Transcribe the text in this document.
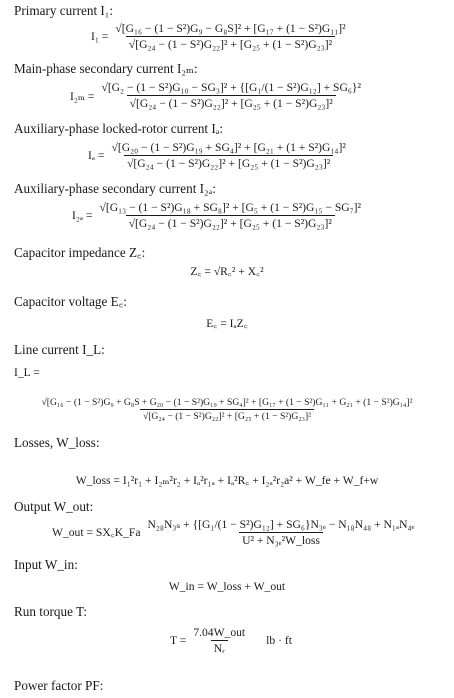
Primary current I₁:
$I_1 = \frac{\text{√[G₁₆ − (1 − S²)G₉ − G₈S]² + [G₁₇ + (1 − S²)G₁₁]²}}{\text{√[G₂₄ − (1 − S²)G₂₂]² + [G₂₅ + (1 − S²)G₂₃]²}}$
Main-phase secondary current I₂ₘ:
$I_{2m} = \frac{\text{√[G₂ − (1 − S²)G₁₀ − SG₃]² + \{[G₁/(1 − S²)G₁₂] + SG₆\}²}}{\text{√[G₂₄ − (1 − S²)G₂₂]² + [G₂₅ + (1 − S²)G₂₃]²}}$
Auxiliary-phase locked-rotor current Iₐ:
$I_a = \frac{\text{√[G₂₀ − (1 − S²)G₁₉ + SG₄]² + [G₂₁ + (1 + S²)G₁₄]²}}{\text{√[G₂₄ − (1 − S²)G₂₂]² + [G₂₅ + (1 − S²)G₂₃]²}}$
Auxiliary-phase secondary current I₂ₐ:
$I_{2a} = \frac{\text{√[G₁₃ − (1 − S²)G₁₈ + SG₈]² + [G₅ + (1 − S²)G₁₅ − SG₇]²}}{\text{√[G₂₄ − (1 − S²)G₂₂]² + [G₂₅ + (1 − S²)G₂₃]²}}$
Capacitor impedance Z꜀:
Z꜀ = √R꜀² + X꜀²
Capacitor voltage E꜀:
E꜀ = IₐZ꜀
Line current I_L:
I_L =
√[G₁₆ − (1 − S²)G₉ + G₈S + G₂₀ − (1 − S²)G₁₉ + SG₄]² + [G₁₇ + (1 − S²)G₁₁ + G₂₁ + (1 − S²)G₁₄]²
√[G₂₄ − (1 − S²)G₂₂]² + [G₂₅ + (1 − S²)G₂₃]²
Losses, W_loss:
W_loss = I₁²r₁ + I₂ₘ²r₂ + Iₐ²r₁ₐ + Iₐ²R꜀ + I₂ₐ²r₂a² + W_fe + W_f+w
Output W_out:
W_out = SX꜀K_Fa $\frac{\text{N₂₈N₃ₛ + \{[G₁/(1 − S²)G₁₂] + SG₆\}N₃ₑ − N₁₈N₄₈ + N₁ₐN₄ₑ}}{\text{U² + N₃ₑ²W\_loss}}$
Input W_in:
W_in = W_loss + W_out
Run torque T:
$T = \frac{\text{7.04W\_out}}{\text{Nᵣ}}$ lb · ft
Power factor PF:
